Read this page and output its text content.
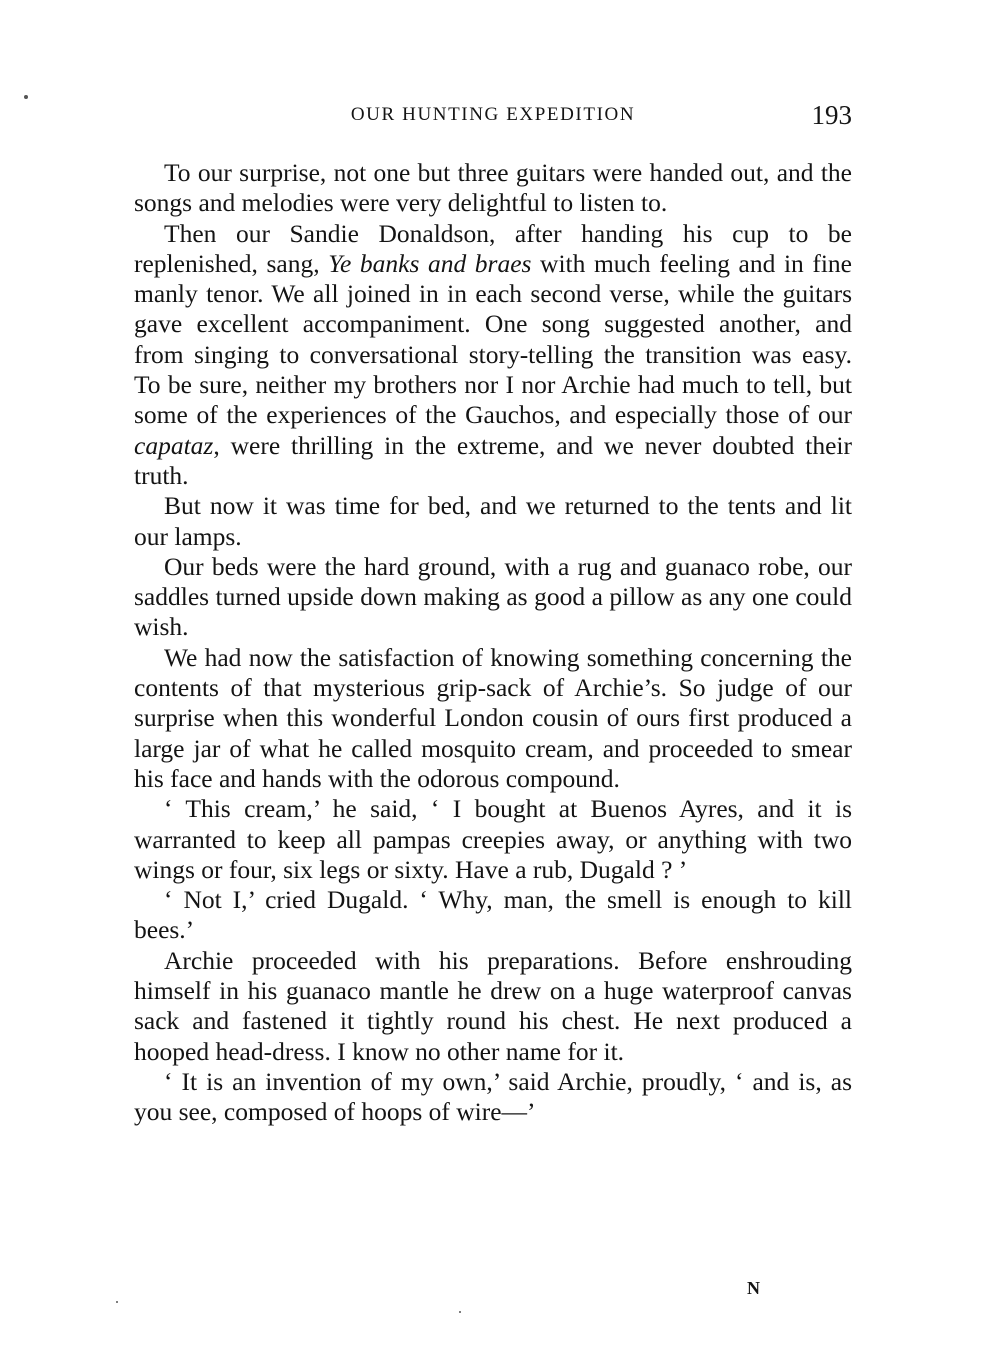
OUR HUNTING EXPEDITION	193

To our surprise, not one but three guitars were handed out, and the songs and melodies were very delightful to listen to.

Then our Sandie Donaldson, after handing his cup to be replenished, sang, Ye banks and braes with much feeling and in fine manly tenor. We all joined in in each second verse, while the guitars gave excellent accompaniment. One song suggested another, and from singing to conversational story-telling the transition was easy. To be sure, neither my brothers nor I nor Archie had much to tell, but some of the experiences of the Gauchos, and especially those of our capataz, were thrilling in the extreme, and we never doubted their truth.

But now it was time for bed, and we returned to the tents and lit our lamps.

Our beds were the hard ground, with a rug and guanaco robe, our saddles turned upside down making as good a pillow as any one could wish.

We had now the satisfaction of knowing something concerning the contents of that mysterious grip-sack of Archie’s. So judge of our surprise when this wonderful London cousin of ours first produced a large jar of what he called mosquito cream, and proceeded to smear his face and hands with the odorous compound.

‘ This cream,’ he said, ‘ I bought at Buenos Ayres, and it is warranted to keep all pampas creepies away, or anything with two wings or four, six legs or sixty. Have a rub, Dugald ? ’

‘ Not I,’ cried Dugald. ‘ Why, man, the smell is enough to kill bees.’

Archie proceeded with his preparations. Before enshrouding himself in his guanaco mantle he drew on a huge waterproof canvas sack and fastened it tightly round his chest. He next produced a hooped head-dress. I know no other name for it.

‘ It is an invention of my own,’ said Archie, proudly, ‘ and is, as you see, composed of hoops of wire—’

N
